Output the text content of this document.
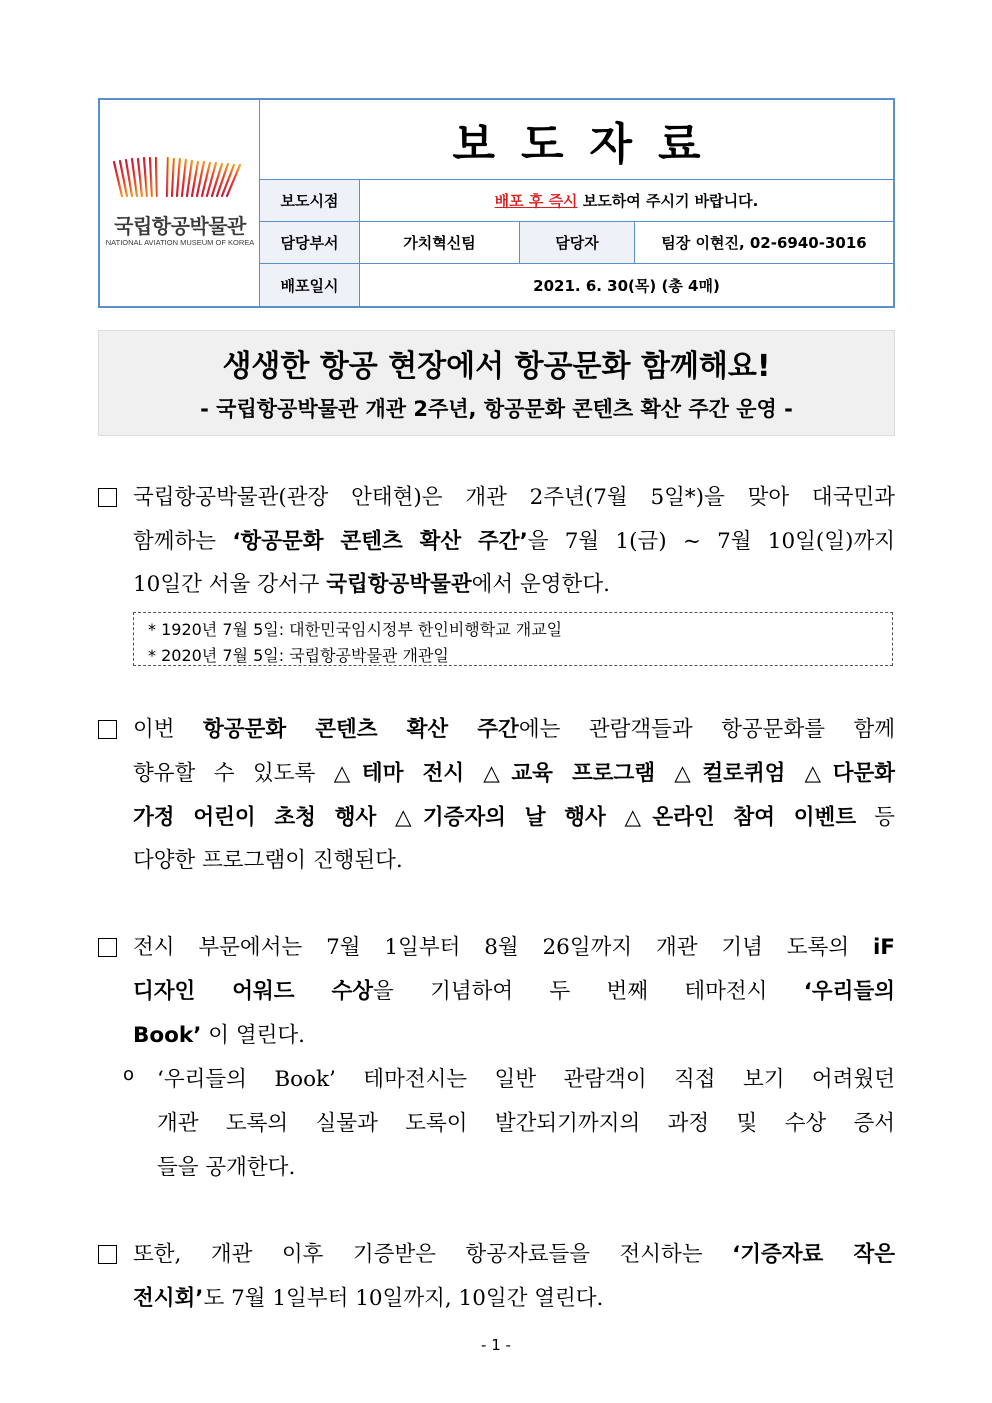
국립항공박물관
NATIONAL AVIATION MUSEUM OF KOREA
보도자료
보도시점	배포 후 즉시 보도하여 주시기 바랍니다.
담당부서	가치혁신팀	담당자	팀장 이현진, 02-6940-3016
배포일시	2021. 6. 30(목) (총 4매)
생생한 항공 현장에서 항공문화 함께해요!
- 국립항공박물관 개관 2주년, 항공문화 콘텐츠 확산 주간 운영 -
국립항공박물관(관장 안태현)은 개관 2주년(7월 5일*)을 맞아 대국민과
함께하는 ‘항공문화 콘텐츠 확산 주간’을 7월 1(금) ~ 7월 10일(일)까지
10일간 서울 강서구 국립항공박물관에서 운영한다.
* 1920년 7월 5일: 대한민국임시정부 한인비행학교 개교일
* 2020년 7월 5일: 국립항공박물관 개관일
이번 항공문화 콘텐츠 확산 주간에는 관람객들과 항공문화를 함께
향유할 수 있도록 △테마 전시 △교육 프로그램 △컬로퀴엄 △다문화
가정 어린이 초청 행사 △기증자의 날 행사 △온라인 참여 이벤트 등
다양한 프로그램이 진행된다.
전시 부문에서는 7월 1일부터 8월 26일까지 개관 기념 도록의 iF
디자인 어워드 수상을 기념하여 두 번째 테마전시 ‘우리들의
Book’ 이 열린다.
o ‘우리들의 Book’ 테마전시는 일반 관람객이 직접 보기 어려웠던
개관 도록의 실물과 도록이 발간되기까지의 과정 및 수상 증서
들을 공개한다.
또한, 개관 이후 기증받은 항공자료들을 전시하는 ‘기증자료 작은
전시회’도 7월 1일부터 10일까지, 10일간 열린다.
- 1 -
